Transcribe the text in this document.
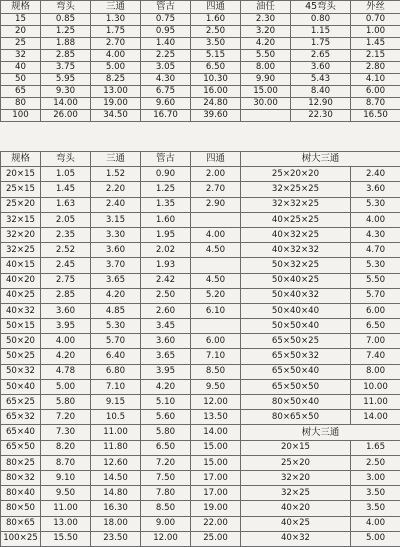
规格	弯头	三通	管古	四通	油任	45弯头	外丝
15	0.85	1.30	0.75	1.60	2.30	0.80	0.70
20	1.25	1.75	0.95	2.50	3.20	1.15	1.00
25	1.88	2.70	1.40	3.50	4.20	1.75	1.45
32	2.85	4.00	2.25	5.15	5.50	2.65	2.15
40	3.75	5.00	3.05	6.50	8.00	3.60	2.80
50	5.95	8.25	4.30	10.30	9.90	5.43	4.10
65	9.30	13.00	6.75	16.00	15.00	8.40	6.00
80	14.00	19.00	9.60	24.80	30.00	12.90	8.70
100	26.00	34.50	16.70	39.60		22.30	16.50
规格	弯头	三通	管古	四通	树大三通	
20×15	1.05	1.52	0.90	2.00	25×20×20	2.40
25×15	1.45	2.20	1.25	2.70	32×25×25	3.60
25×20	1.63	2.40	1.35	2.90	32×32×25	5.30
32×15	2.05	3.15	1.60		40×25×25	4.00
32×20	2.35	3.30	1.95	4.00	40×32×25	4.30
32×25	2.52	3.60	2.02	4.50	40×32×32	4.70
40×15	2.45	3.70	1.93		50×32×25	5.30
40×20	2.75	3.65	2.42	4.50	50×40×25	5.50
40×25	2.85	4.20	2.50	5.20	50×40×32	5.70
40×32	3.60	4.85	2.60	6.10	50×40×40	6.00
50×15	3.95	5.30	3.45		50×50×40	6.50
50×20	4.00	5.70	3.60	6.00	65×50×25	7.00
50×25	4.20	6.40	3.65	7.10	65×50×32	7.40
50×32	4.78	6.80	3.95	8.50	65×50×40	8.00
50×40	5.00	7.10	4.20	9.50	65×50×50	10.00
65×25	5.80	9.15	5.10	12.00	80×50×40	11.00
65×32	7.20	10.5	5.60	13.50	80×65×50	14.00
65×40	7.30	11.00	5.80	14.00	树大三通	
65×50	8.20	11.80	6.50	15.00	20×15	1.65
80×25	8.70	12.60	7.20	15.00	25×20	2.50
80×32	9.10	14.50	7.50	17.00	32×20	3.00
80×40	9.50	14.80	7.80	17.00	32×25	3.50
80×50	11.00	16.30	8.50	19.00	40×20	3.50
80×65	13.00	18.00	9.00	22.00	40×25	4.00
100×25	15.50	23.50	12.00	25.00	40×32	5.00
